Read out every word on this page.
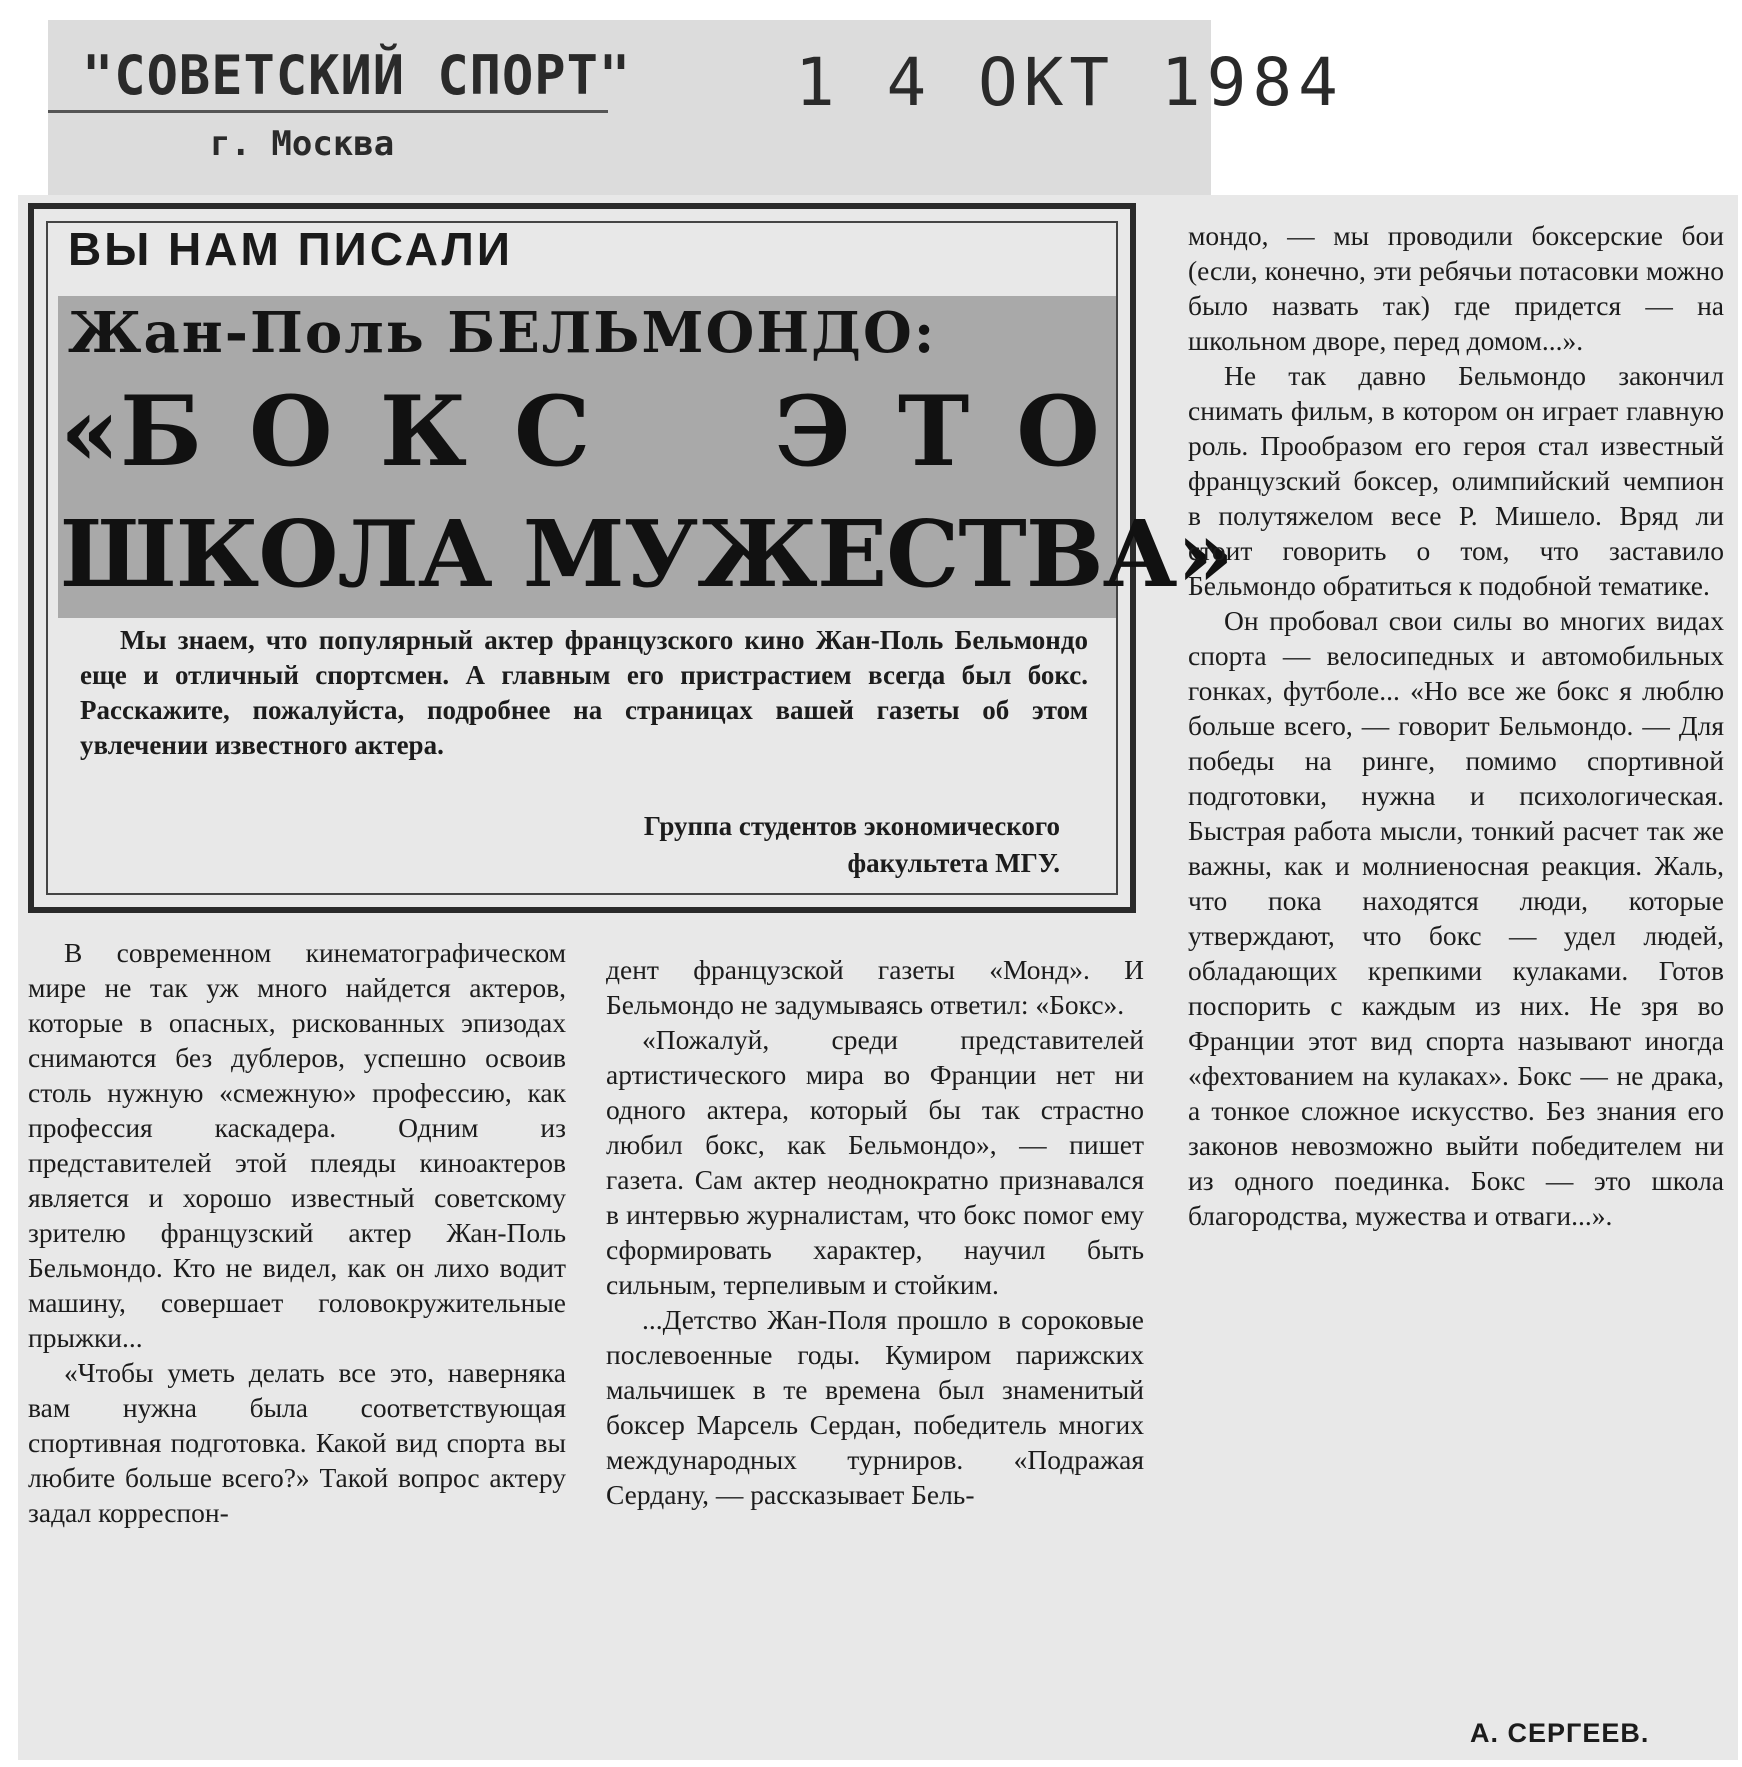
"СОВЕТСКИЙ СПОРТ"
г. Москва
1 4 ОКТ 1984
ВЫ НАМ ПИСАЛИ
Жан-Поль БЕЛЬМОНДО:
«Б О К С Э Т О
ШКОЛА МУЖЕСТВА»

Мы знаем, что популярный актер французского кино Жан-Поль Бельмондо еще и отличный спортсмен. А главным его пристрастием всегда был бокс. Расскажите, пожалуйста, подробнее на страницах вашей газеты об этом увлечении известного актера.

Группа студентов экономического
факультета МГУ.

В современном кинематографическом мире не так уж много найдется актеров, которые в опасных, рискованных эпизодах снимаются без дублеров, успешно освоив столь нужную «смежную» профессию, как профессия каскадера. Одним из представителей этой плеяды киноактеров является и хорошо известный советскому зрителю французский актер Жан-Поль Бельмондо. Кто не видел, как он лихо водит машину, совершает головокружительные прыжки...

«Чтобы уметь делать все это, наверняка вам нужна была соответствующая спортивная подготовка. Какой вид спорта вы любите больше всего?» Такой вопрос актеру задал корреспон-

дент французской газеты «Монд». И Бельмондо не задумываясь ответил: «Бокс».

«Пожалуй, среди представителей артистического мира во Франции нет ни одного актера, который бы так страстно любил бокс, как Бельмондо», — пишет газета. Сам актер неоднократно признавался в интервью журналистам, что бокс помог ему сформировать характер, научил быть сильным, терпеливым и стойким.

...Детство Жан-Поля прошло в сороковые послевоенные годы. Кумиром парижских мальчишек в те времена был знаменитый боксер Марсель Сердан, победитель многих международных турниров. «Подражая Сердану, — рассказывает Бель-

мондо, — мы проводили боксерские бои (если, конечно, эти ребячьи потасовки можно было назвать так) где придется — на школьном дворе, перед домом...».

Не так давно Бельмондо закончил снимать фильм, в котором он играет главную роль. Прообразом его героя стал известный французский боксер, олимпийский чемпион в полутяжелом весе Р. Мишело. Вряд ли стоит говорить о том, что заставило Бельмондо обратиться к подобной тематике.

Он пробовал свои силы во многих видах спорта — велосипедных и автомобильных гонках, футболе... «Но все же бокс я люблю больше всего, — говорит Бельмондо. — Для победы на ринге, помимо спортивной подготовки, нужна и психологическая. Быстрая работа мысли, тонкий расчет так же важны, как и молниеносная реакция. Жаль, что пока находятся люди, которые утверждают, что бокс — удел людей, обладающих крепкими кулаками. Готов поспорить с каждым из них. Не зря во Франции этот вид спорта называют иногда «фехтованием на кулаках». Бокс — не драка, а тонкое сложное искусство. Без знания его законов невозможно выйти победителем ни из одного поединка. Бокс — это школа благородства, мужества и отваги...».

А. СЕРГЕЕВ.
